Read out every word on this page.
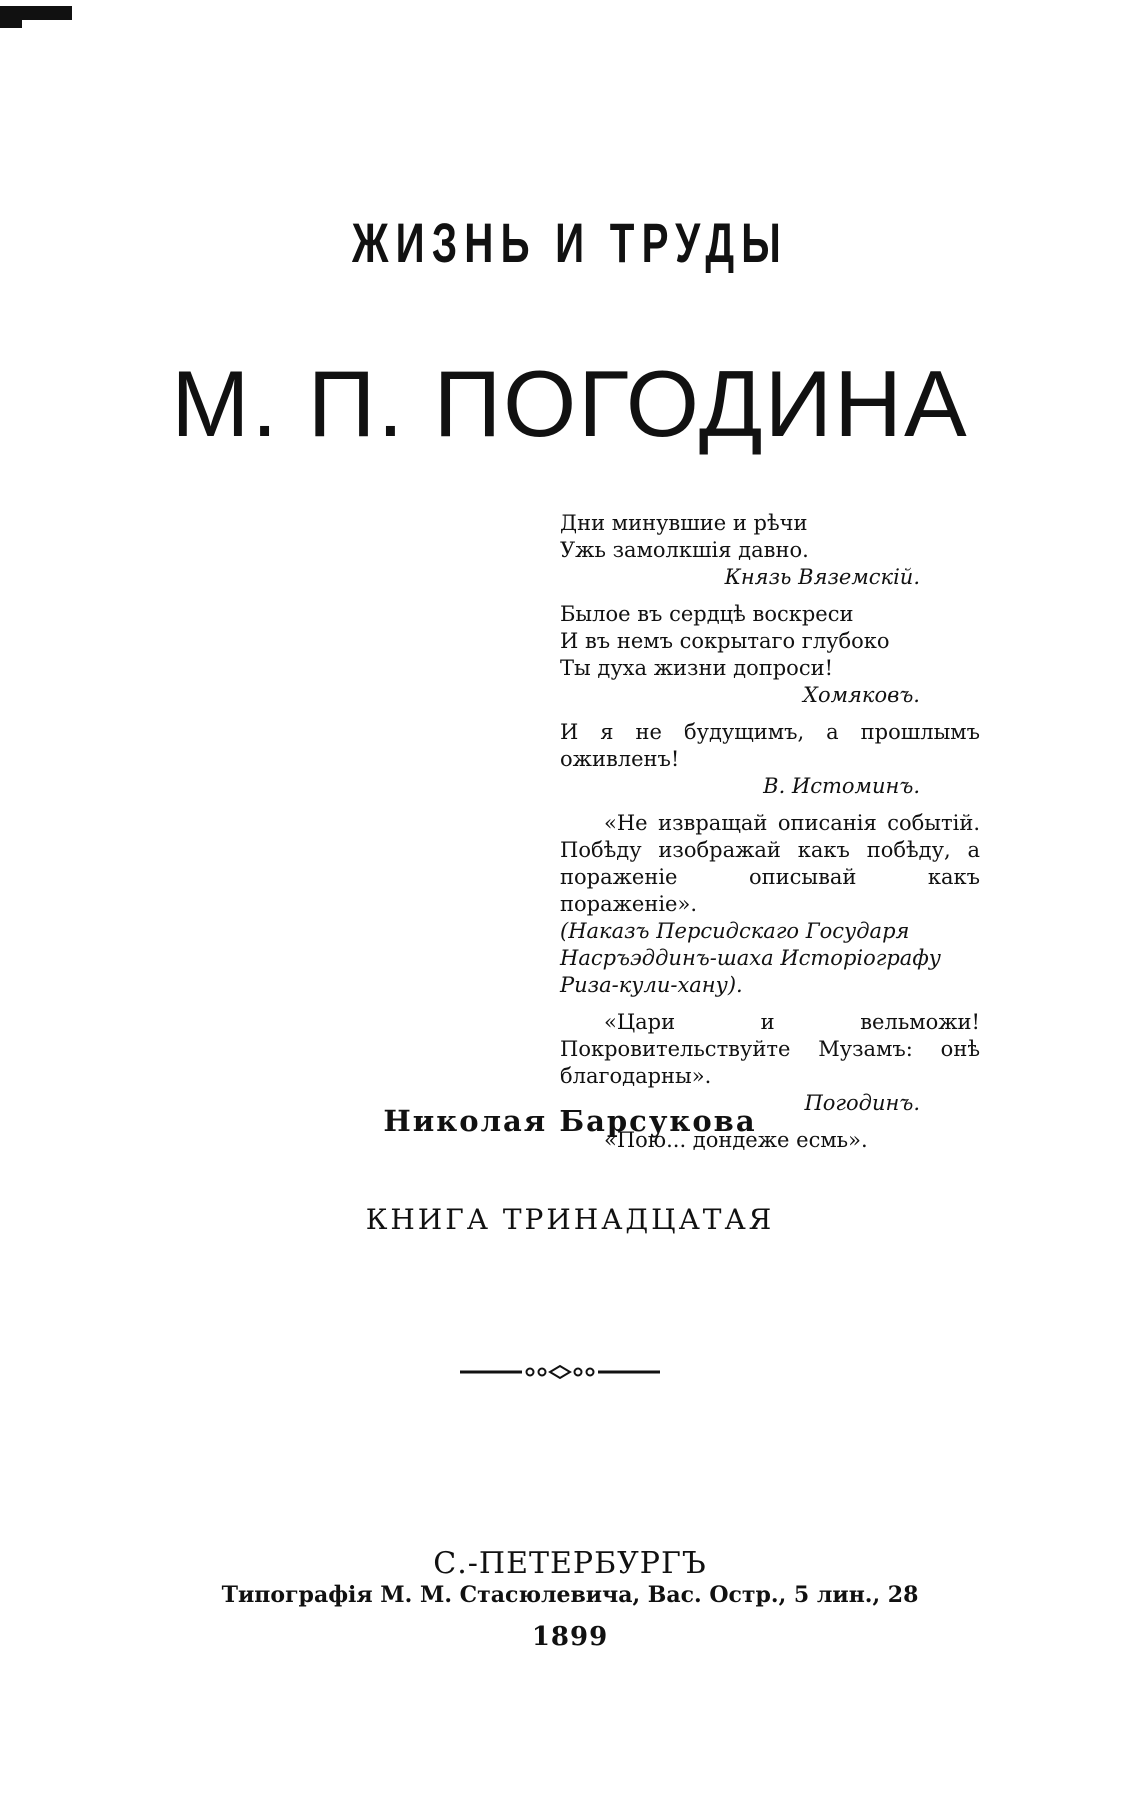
ЖИЗНЬ И ТРУДЫ
М. П. ПОГОДИНА
Дни минувшие и рѣчи
Ужь замолкшія давно.
Князь Вяземскій.
Былое въ сердцѣ воскреси
И въ немъ сокрытаго глубоко
Ты духа жизни допроси!
Хомяковъ.
И я не будущимъ, а прошлымъ оживленъ!
В. Истоминъ.
«Не извращай описанія событій. Побѣду изображай какъ побѣду, а пораженіе описывай какъ пораженіе».
(Наказъ Персидскаго Государя Насръэддинъ-шаха Исторіографу Риза-кули-хану).
«Цари и вельможи! Покровительствуйте Музамъ: онѣ благодарны».
Погодинъ.
«Пою... дондеже есмь».
Николая Барсукова
КНИГА ТРИНАДЦАТАЯ
С.-ПЕТЕРБУРГЪ
Типографія М. М. Стасюлевича, Вас. Остр., 5 лин., 28
1899
